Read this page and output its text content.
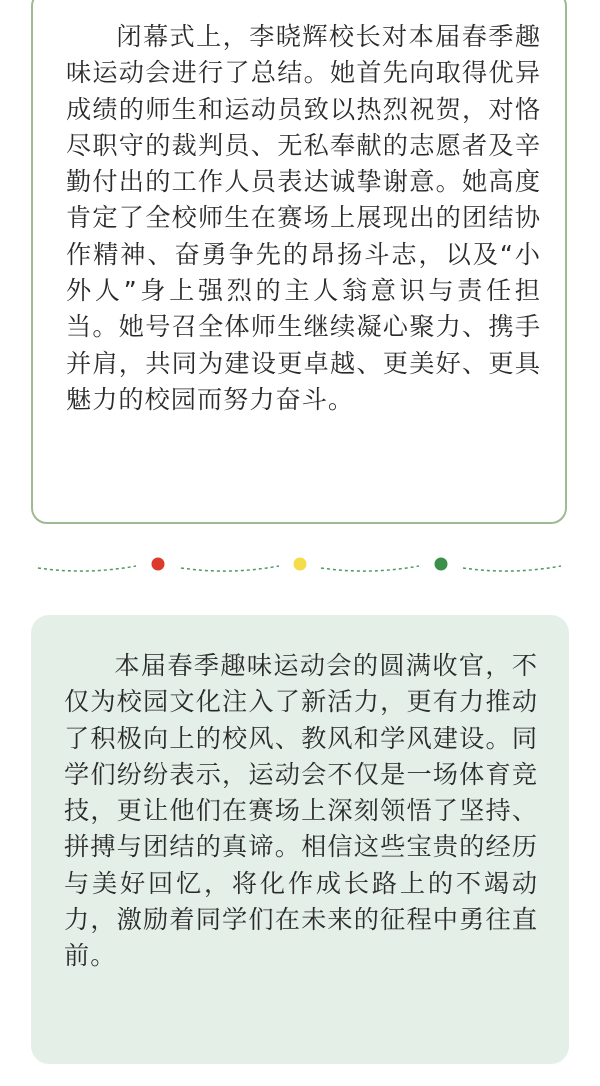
闭幕式上，李晓辉校长对本届春季趣味运动会进行了总结。她首先向取得优异成绩的师生和运动员致以热烈祝贺，对恪尽职守的裁判员、无私奉献的志愿者及辛勤付出的工作人员表达诚挚谢意。她高度肯定了全校师生在赛场上展现出的团结协作精神、奋勇争先的昂扬斗志，以及“小外人”身上强烈的主人翁意识与责任担当。她号召全体师生继续凝心聚力、携手并肩，共同为建设更卓越、更美好、更具魅力的校园而努力奋斗。

本届春季趣味运动会的圆满收官，不仅为校园文化注入了新活力，更有力推动了积极向上的校风、教风和学风建设。同学们纷纷表示，运动会不仅是一场体育竞技，更让他们在赛场上深刻领悟了坚持、拼搏与团结的真谛。相信这些宝贵的经历与美好回忆，将化作成长路上的不竭动力，激励着同学们在未来的征程中勇往直前。
